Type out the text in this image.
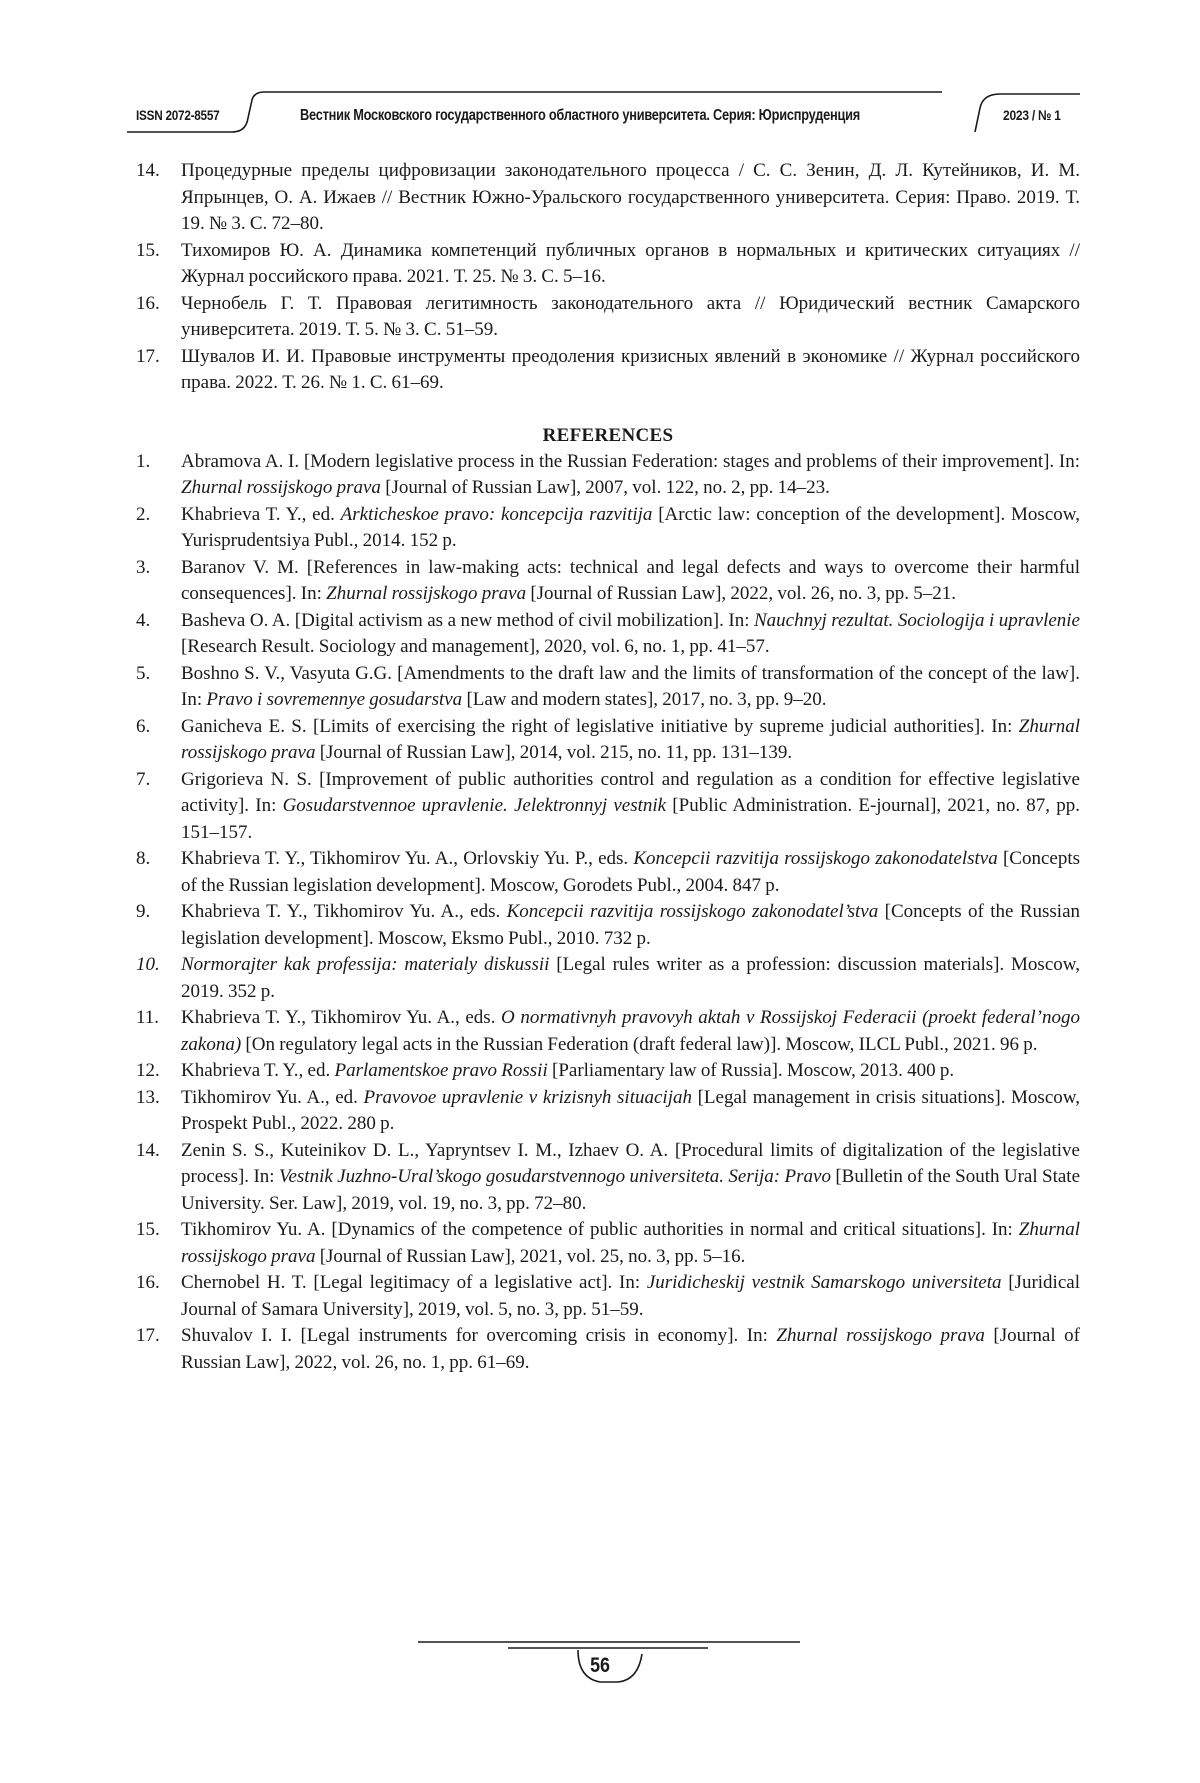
ISSN 2072-8557	Вестник Московского государственного областного университета. Серия: Юриспруденция	2023 / № 1
14. Процедурные пределы цифровизации законодательного процесса / С. С. Зенин, Д. Л. Кутейников, И. М. Япрынцев, О. А. Ижаев // Вестник Южно-Уральского государственного университета. Серия: Право. 2019. Т. 19. № 3. С. 72–80.
15. Тихомиров Ю. А. Динамика компетенций публичных органов в нормальных и критических ситуациях // Журнал российского права. 2021. Т. 25. № 3. С. 5–16.
16. Чернобель Г. Т. Правовая легитимность законодательного акта // Юридический вестник Самарского университета. 2019. Т. 5. № 3. С. 51–59.
17. Шувалов И. И. Правовые инструменты преодоления кризисных явлений в экономике // Журнал российского права. 2022. Т. 26. № 1. С. 61–69.
REFERENCES
1. Abramova A. I. [Modern legislative process in the Russian Federation: stages and problems of their improvement]. In: Zhurnal rossijskogo prava [Journal of Russian Law], 2007, vol. 122, no. 2, pp. 14–23.
2. Khabrieva T. Y., ed. Arkticheskoe pravo: koncepcija razvitija [Arctic law: conception of the development]. Moscow, Yurisprudentsiya Publ., 2014. 152 p.
3. Baranov V. M. [References in law-making acts: technical and legal defects and ways to overcome their harmful consequences]. In: Zhurnal rossijskogo prava [Journal of Russian Law], 2022, vol. 26, no. 3, pp. 5–21.
4. Basheva O. A. [Digital activism as a new method of civil mobilization]. In: Nauchnyj rezultat. Sociologija i upravlenie [Research Result. Sociology and management], 2020, vol. 6, no. 1, pp. 41–57.
5. Boshno S. V., Vasyuta G.G. [Amendments to the draft law and the limits of transformation of the concept of the law]. In: Pravo i sovremennye gosudarstva [Law and modern states], 2017, no. 3, pp. 9–20.
6. Ganicheva E. S. [Limits of exercising the right of legislative initiative by supreme judicial authorities]. In: Zhurnal rossijskogo prava [Journal of Russian Law], 2014, vol. 215, no. 11, pp. 131–139.
7. Grigorieva N. S. [Improvement of public authorities control and regulation as a condition for effective legislative activity]. In: Gosudarstvennoe upravlenie. Jelektronnyj vestnik [Public Administration. E-journal], 2021, no. 87, pp. 151–157.
8. Khabrieva T. Y., Tikhomirov Yu. A., Orlovskiy Yu. P., eds. Koncepcii razvitija rossijskogo zakonodatelstva [Concepts of the Russian legislation development]. Moscow, Gorodets Publ., 2004. 847 p.
9. Khabrieva T. Y., Tikhomirov Yu. A., eds. Koncepcii razvitija rossijskogo zakonodatel’stva [Concepts of the Russian legislation development]. Moscow, Eksmo Publ., 2010. 732 p.
10. Normorajter kak professija: materialy diskussii [Legal rules writer as a profession: discussion materials]. Moscow, 2019. 352 p.
11. Khabrieva T. Y., Tikhomirov Yu. A., eds. O normativnyh pravovyh aktah v Rossijskoj Federacii (proekt federal’nogo zakona) [On regulatory legal acts in the Russian Federation (draft federal law)]. Moscow, ILCL Publ., 2021. 96 p.
12. Khabrieva T. Y., ed. Parlamentskoe pravo Rossii [Parliamentary law of Russia]. Moscow, 2013. 400 p.
13. Tikhomirov Yu. A., ed. Pravovoe upravlenie v krizisnyh situacijah [Legal management in crisis situations]. Moscow, Prospekt Publ., 2022. 280 p.
14. Zenin S. S., Kuteinikov D. L., Yapryntsev I. M., Izhaev O. A. [Procedural limits of digitalization of the legislative process]. In: Vestnik Juzhno-Ural’skogo gosudarstvennogo universiteta. Serija: Pravo [Bulletin of the South Ural State University. Ser. Law], 2019, vol. 19, no. 3, pp. 72–80.
15. Tikhomirov Yu. A. [Dynamics of the competence of public authorities in normal and critical situations]. In: Zhurnal rossijskogo prava [Journal of Russian Law], 2021, vol. 25, no. 3, pp. 5–16.
16. Chernobel H. T. [Legal legitimacy of a legislative act]. In: Juridicheskij vestnik Samarskogo universiteta [Juridical Journal of Samara University], 2019, vol. 5, no. 3, pp. 51–59.
17. Shuvalov I. I. [Legal instruments for overcoming crisis in economy]. In: Zhurnal rossijskogo prava [Journal of Russian Law], 2022, vol. 26, no. 1, pp. 61–69.
56
